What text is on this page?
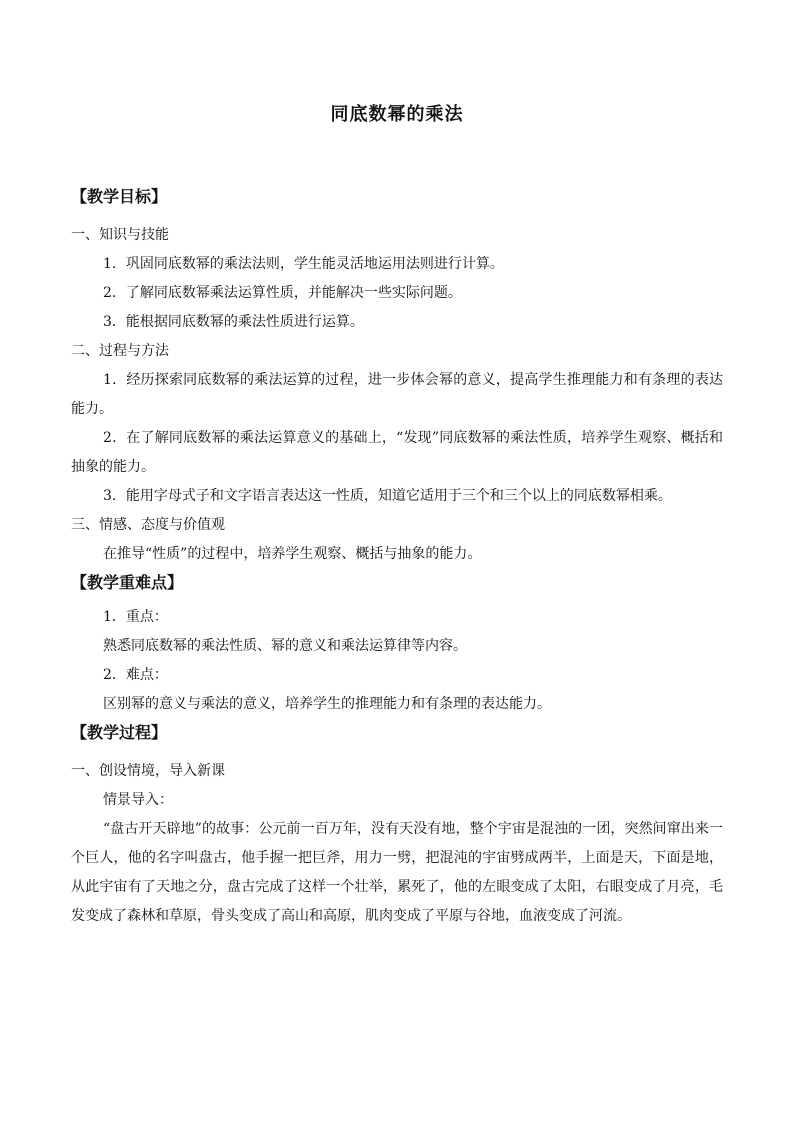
同底数幂的乘法
【教学目标】

一、知识与技能

1．巩固同底数幂的乘法法则，学生能灵活地运用法则进行计算。

2．了解同底数幂乘法运算性质，并能解决一些实际问题。

3．能根据同底数幂的乘法性质进行运算。

二、过程与方法

1．经历探索同底数幂的乘法运算的过程，进一步体会幂的意义，提高学生推理能力和有条理的表达能力。

2．在了解同底数幂的乘法运算意义的基础上，“发现”同底数幂的乘法性质，培养学生观察、概括和抽象的能力。

3．能用字母式子和文字语言表达这一性质，知道它适用于三个和三个以上的同底数幂相乘。

三、情感、态度与价值观

在推导“性质”的过程中，培养学生观察、概括与抽象的能力。

【教学重难点】

1．重点：

熟悉同底数幂的乘法性质、幂的意义和乘法运算律等内容。

2．难点：

区别幂的意义与乘法的意义，培养学生的推理能力和有条理的表达能力。

【教学过程】

一、创设情境，导入新课

情景导入：

“盘古开天辟地”的故事：公元前一百万年，没有天没有地，整个宇宙是混浊的一团，突然间窜出来一个巨人，他的名字叫盘古，他手握一把巨斧，用力一劈，把混沌的宇宙劈成两半，上面是天，下面是地，从此宇宙有了天地之分，盘古完成了这样一个壮举，累死了，他的左眼变成了太阳，右眼变成了月亮，毛发变成了森林和草原，骨头变成了高山和高原，肌肉变成了平原与谷地，血液变成了河流。
